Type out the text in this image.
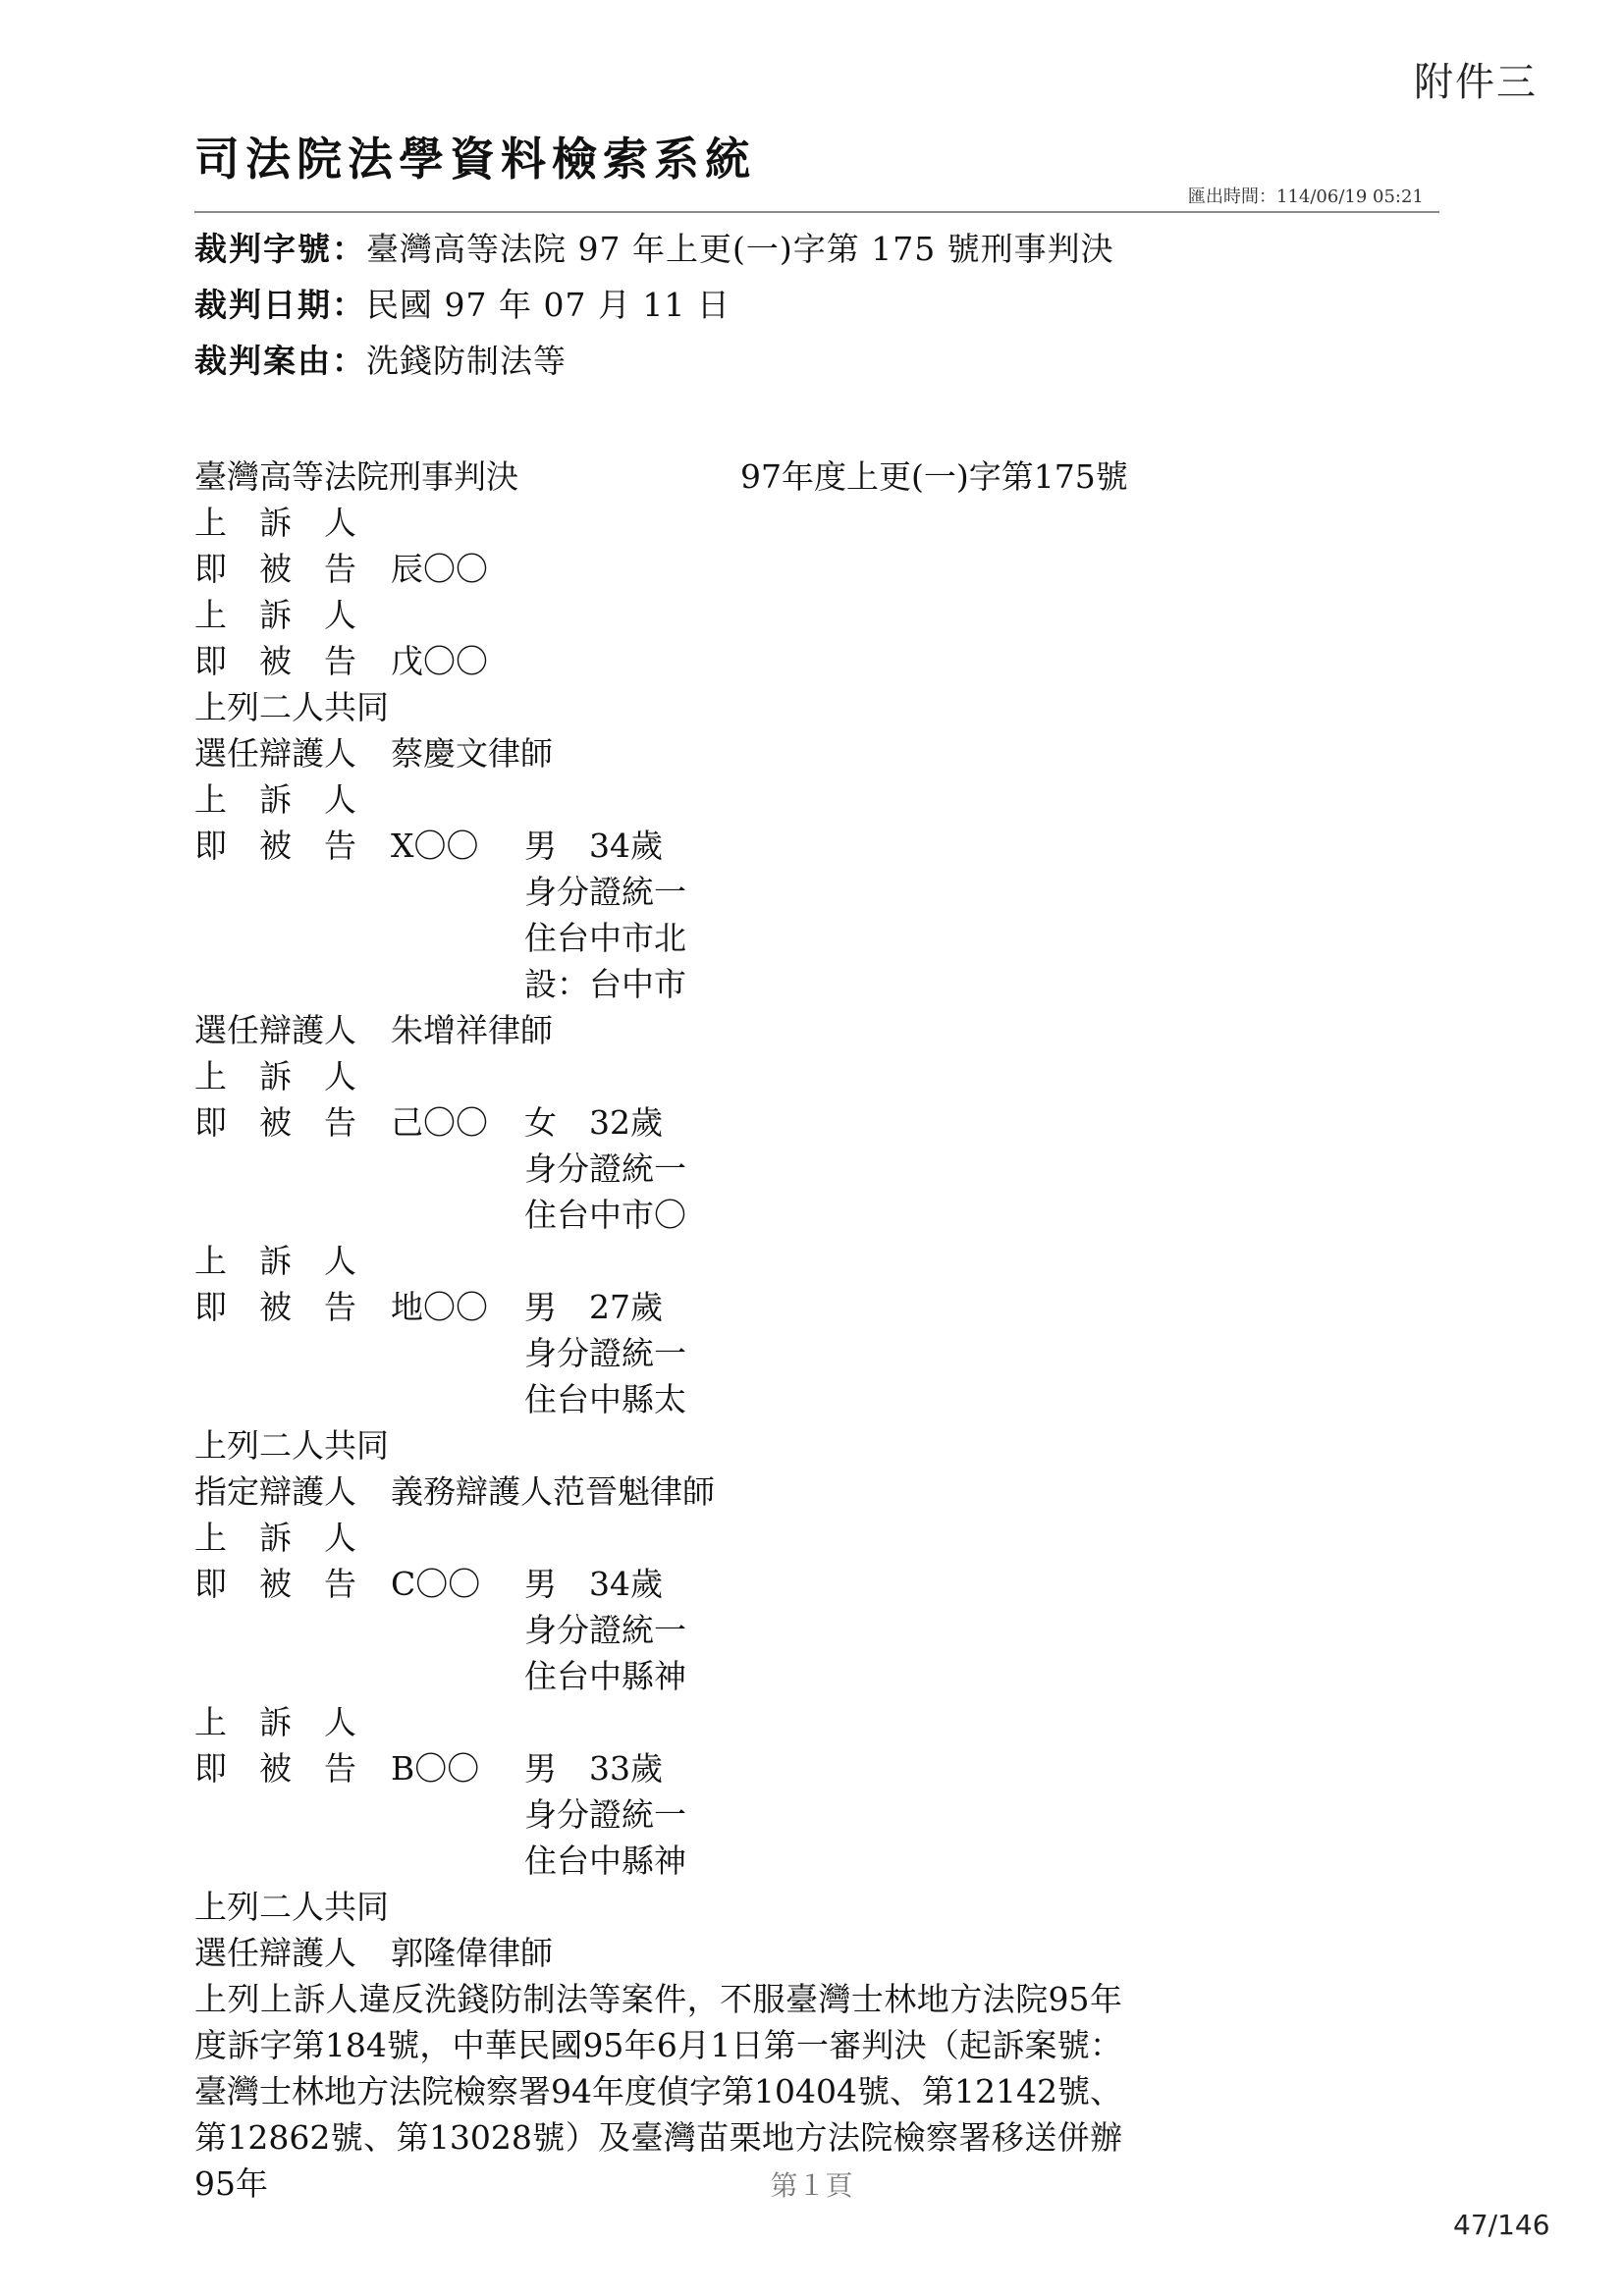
附件三
司法院法學資料檢索系統
匯出時間：114/06/19 05:21
裁判字號：臺灣高等法院 97 年上更(一)字第 175 號刑事判決
裁判日期：民國 97 年 07 月 11 日
裁判案由：洗錢防制法等
臺灣高等法院刑事判決	97年度上更(一)字第175號
上　訴　人
即　被　告 辰〇〇
上　訴　人
即　被　告 戊〇〇
上列二人共同
選任辯護人 蔡慶文律師
上　訴　人
即　被　告 X〇〇 男　34歲
身分證統一
住台中市北
設：台中市
選任辯護人 朱增祥律師
上　訴　人
即　被　告 己〇〇 女　32歲
身分證統一
住台中市〇
上　訴　人
即　被　告 地〇〇 男　27歲
身分證統一
住台中縣太
上列二人共同
指定辯護人 義務辯護人范晉魁律師
上　訴　人
即　被　告 C〇〇 男　34歲
身分證統一
住台中縣神
上　訴　人
即　被　告 B〇〇 男　33歲
身分證統一
住台中縣神
上列二人共同
選任辯護人 郭隆偉律師
上列上訴人違反洗錢防制法等案件，不服臺灣士林地方法院95年度訴字第184號，中華民國95年6月1日第一審判決（起訴案號：臺灣士林地方法院檢察署94年度偵字第10404號、第12142號、第12862號、第13028號）及臺灣苗栗地方法院檢察署移送併辦95年	第１頁
47/146
